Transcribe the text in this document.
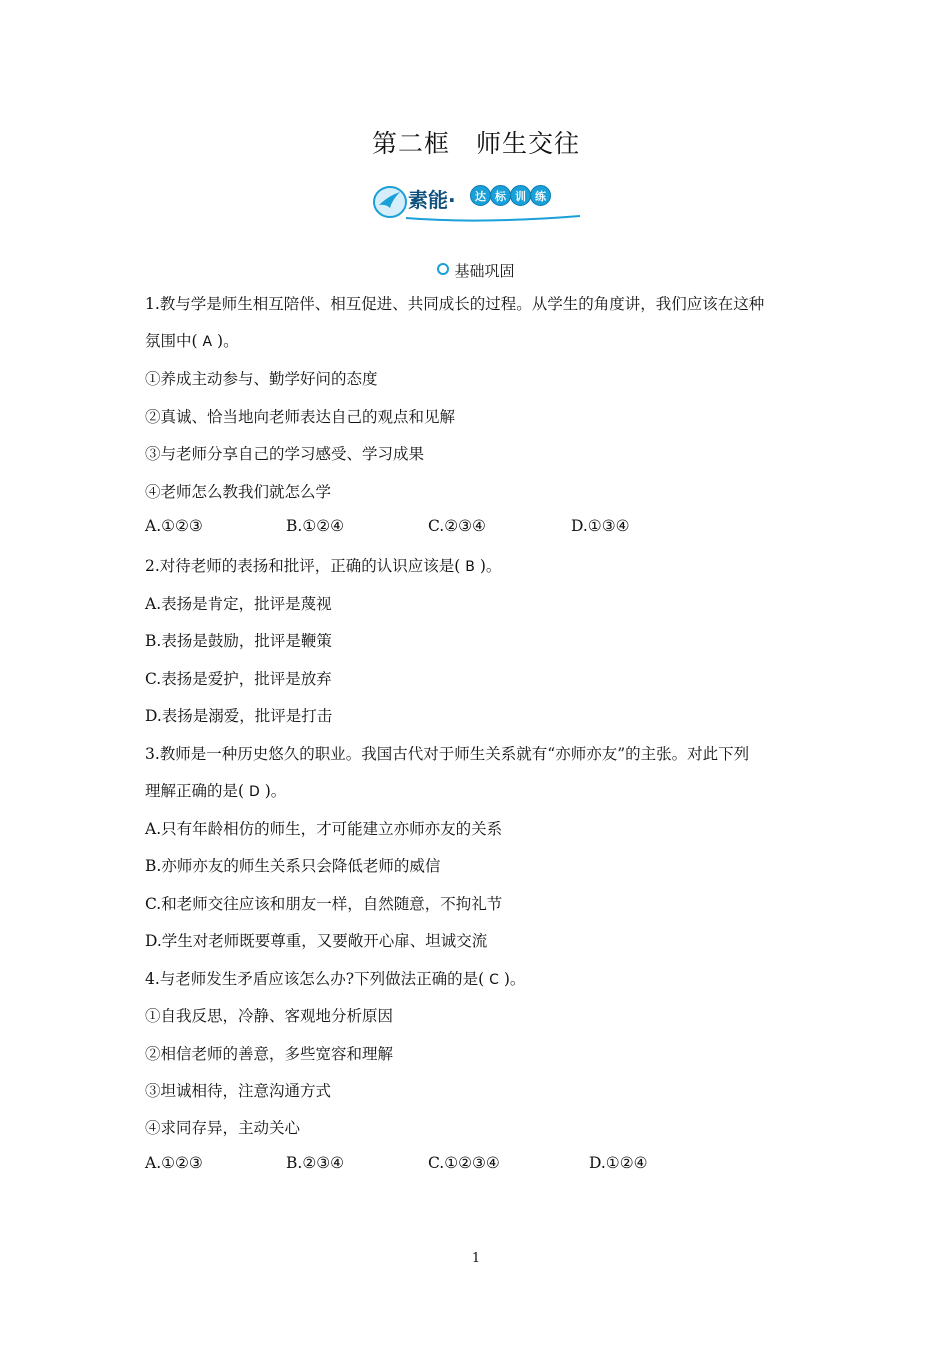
第二框　师生交往
素能·	达 标 训 练
基础巩固
1.教与学是师生相互陪伴、相互促进、共同成长的过程。从学生的角度讲，我们应该在这种
氛围中( A )。
①养成主动参与、勤学好问的态度
②真诚、恰当地向老师表达自己的观点和见解
③与老师分享自己的学习感受、学习成果
④老师怎么教我们就怎么学
A.①②③	B.①②④	C.②③④	D.①③④
2.对待老师的表扬和批评，正确的认识应该是( B )。
A.表扬是肯定，批评是蔑视
B.表扬是鼓励，批评是鞭策
C.表扬是爱护，批评是放弃
D.表扬是溺爱，批评是打击
3.教师是一种历史悠久的职业。我国古代对于师生关系就有“亦师亦友”的主张。对此下列
理解正确的是( D )。
A.只有年龄相仿的师生，才可能建立亦师亦友的关系
B.亦师亦友的师生关系只会降低老师的威信
C.和老师交往应该和朋友一样，自然随意，不拘礼节
D.学生对老师既要尊重，又要敞开心扉、坦诚交流
4.与老师发生矛盾应该怎么办?下列做法正确的是( C )。
①自我反思，冷静、客观地分析原因
②相信老师的善意，多些宽容和理解
③坦诚相待，注意沟通方式
④求同存异，主动关心
A.①②③	B.②③④	C.①②③④	D.①②④
1
